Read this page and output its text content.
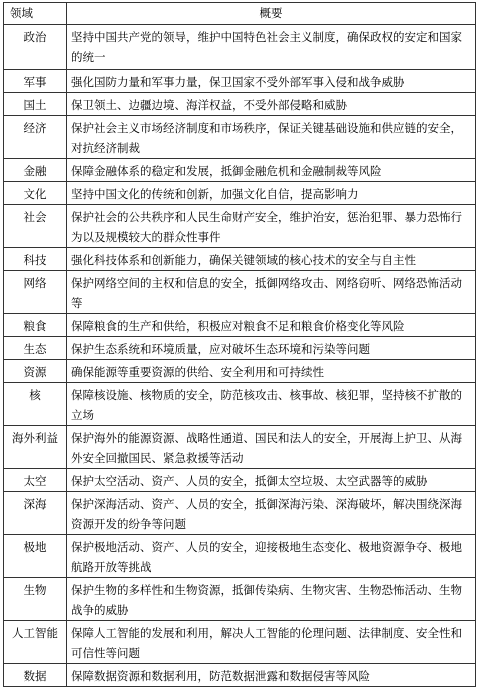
领域	概要
政治	坚持中国共产党的领导，维护中国特色社会主义制度，确保政权的安定和国家的统一
军事	强化国防力量和军事力量，保卫国家不受外部军事入侵和战争威胁
国土	保卫领土、边疆边境、海洋权益，不受外部侵略和威胁
经济	保护社会主义市场经济制度和市场秩序，保证关键基础设施和供应链的安全，对抗经济制裁
金融	保障金融体系的稳定和发展，抵御金融危机和金融制裁等风险
文化	坚持中国文化的传统和创新，加强文化自信，提高影响力
社会	保护社会的公共秩序和人民生命财产安全，维护治安，惩治犯罪、暴力恐怖行为以及规模较大的群众性事件
科技	强化科技体系和创新能力，确保关键领域的核心技术的安全与自主性
网络	保护网络空间的主权和信息的安全，抵御网络攻击、网络窃听、网络恐怖活动等
粮食	保障粮食的生产和供给，积极应对粮食不足和粮食价格变化等风险
生态	保护生态系统和环境质量，应对破坏生态环境和污染等问题
资源	确保能源等重要资源的供给、安全利用和可持续性
核	保障核设施、核物质的安全，防范核攻击、核事故、核犯罪，坚持核不扩散的立场
海外利益	保护海外的能源资源、战略性通道、国民和法人的安全，开展海上护卫、从海外安全回撤国民、紧急救援等活动
太空	保护太空活动、资产、人员的安全，抵御太空垃圾、太空武器等的威胁
深海	保护深海活动、资产、人员的安全，抵御深海污染、深海破坏，解决围绕深海资源开发的纷争等问题
极地	保护极地活动、资产、人员的安全，迎接极地生态变化、极地资源争夺、极地航路开放等挑战
生物	保护生物的多样性和生物资源，抵御传染病、生物灾害、生物恐怖活动、生物战争的威胁
人工智能	保障人工智能的发展和利用，解决人工智能的伦理问题、法律制度、安全性和可信性等问题
数据	保障数据资源和数据利用，防范数据泄露和数据侵害等风险
